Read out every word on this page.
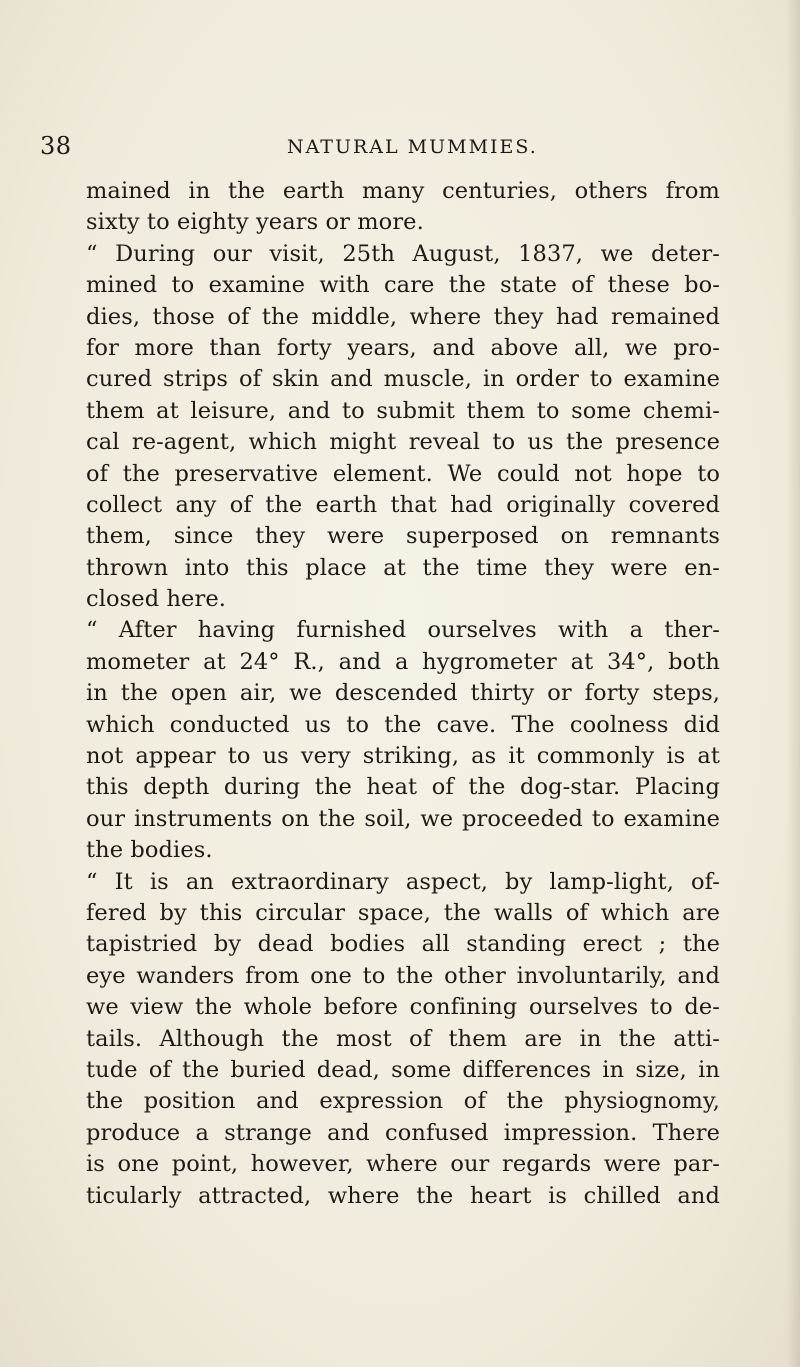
38	NATURAL MUMMIES.
mained in the earth many centuries, others from
sixty to eighty years or more.
“ During our visit, 25th August, 1837, we deter-
mined to examine with care the state of these bo-
dies, those of the middle, where they had remained
for more than forty years, and above all, we pro-
cured strips of skin and muscle, in order to examine
them at leisure, and to submit them to some chemi-
cal re-agent, which might reveal to us the presence
of the preservative element. We could not hope to
collect any of the earth that had originally covered
them, since they were superposed on remnants
thrown into this place at the time they were en-
closed here.
“ After having furnished ourselves with a ther-
mometer at 24° R., and a hygrometer at 34°, both
in the open air, we descended thirty or forty steps,
which conducted us to the cave. The coolness did
not appear to us very striking, as it commonly is at
this depth during the heat of the dog-star. Placing
our instruments on the soil, we proceeded to examine
the bodies.
“ It is an extraordinary aspect, by lamp-light, of-
fered by this circular space, the walls of which are
tapistried by dead bodies all standing erect ; the
eye wanders from one to the other involuntarily, and
we view the whole before confining ourselves to de-
tails. Although the most of them are in the atti-
tude of the buried dead, some differences in size, in
the position and expression of the physiognomy,
produce a strange and confused impression. There
is one point, however, where our regards were par-
ticularly attracted, where the heart is chilled and
